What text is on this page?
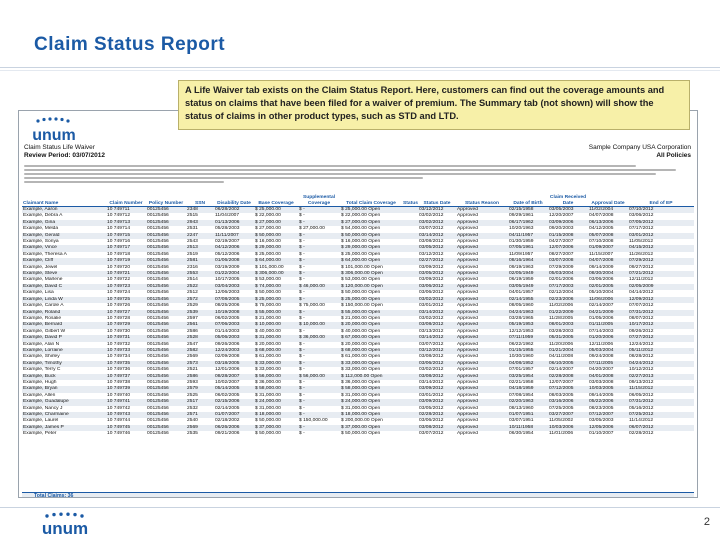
Claim Status Report
unum
Claim Status Life Waiver
Review Period: 03/07/2012
Sample Company USA Corporation
All Policies
Claimant Name	Claim Number	Policy Number	SSN	Disability Date	Base Coverage	Supplemental Coverage	Total Claim Coverage	Status	Status Date	Status Reason	Date of Birth	Claim Received Date	Approval Date	End of EP
Example, Aaron	10 749711	00125456	2348	06/28/2002	$ 25,000.00	$ -	$ 25,000.00 Open		03/12/2012	Approved	02/15/1958	03/05/2003	11/02/2004	07/10/2012
Example, Debra A	10 749712	00125456	2515	11/04/2007	$ 22,000.00	$ -	$ 22,000.00 Open		03/02/2012	Approved	09/29/1961	12/20/2007	04/07/2008	03/06/2012
Example, Gina	10 749713	00125456	2943	01/13/2006	$ 27,000.00	$ -	$ 27,000.00 Open		03/02/2012	Approved	06/17/1962	03/09/2006	06/13/2006	07/05/2012
Example, Melda	10 749714	00125456	2531	05/28/2003	$ 27,000.00	$ 27,000.00	$ 54,000.00 Open		03/07/2012	Approved	10/20/1963	09/20/2003	04/12/2005	07/17/2012
Example, Gerald	10 749715	00125456	2247	11/11/2007	$ 50,000.00	$ -	$ 50,000.00 Open		03/14/2012	Approved	04/11/1957	01/15/2008	05/07/2008	03/01/2012
Example, Sonya	10 749716	00125456	2543	02/19/2007	$ 16,000.00	$ -	$ 16,000.00 Open		03/08/2012	Approved	01/30/1959	04/27/2007	07/10/2008	11/05/2012
Example, Vince	10 749717	00125456	2513	04/12/2006	$ 29,000.00	$ -	$ 29,000.00 Open		03/05/2012	Approved	07/05/1961	12/07/2006	01/09/2007	04/15/2012
Example, Theresa A	10 749718	00125456	2519	05/12/2006	$ 25,000.00	$ -	$ 25,000.00 Open		03/12/2012	Approved	11/09/1957	08/27/2007	11/15/2007	11/26/2012
Example, Cliff	10 749719	00125456	2581	01/06/2008	$ 64,000.00	$ -	$ 64,000.00 Open		02/27/2012	Approved	08/16/1964	03/07/2008	04/07/2008	07/29/2012
Example, Jewel	10 749720	00125456	2316	03/19/2009	$ 101,000.00	$ -	$ 101,000.00 Open		03/09/2012	Approved	09/19/1963	07/29/2009	09/14/2009	09/27/2012
Example, Steve	10 749721	00125456	2553	01/22/2004	$ 306,000.00	$ -	$ 306,000.00 Open		03/05/2012	Approved	02/05/1949	05/03/2004	08/30/2004	07/21/2012
Example, Marlene	10 749722	00125456	2514	10/17/2005	$ 53,000.00	$ -	$ 53,000.00 Open		03/09/2012	Approved	06/19/1959	02/01/2006	03/06/2006	12/11/2012
Example, David C	10 749723	00125456	2522	03/04/2003	$ 74,000.00	$ 46,000.00	$ 120,000.00 Open		03/06/2012	Approved	03/05/1949	07/17/2003	02/01/2005	02/05/2009
Example, Lisa	10 749724	00125456	2512	12/06/2003	$ 50,000.00	$ -	$ 50,000.00 Open		03/06/2012	Approved	04/01/1957	02/12/2004	05/10/2004	04/14/2012
Example, Linda W	10 749725	00125456	2572	07/08/2005	$ 25,000.00	$ -	$ 25,000.00 Open		03/02/2012	Approved	02/14/1955	02/23/2006	11/06/2006	12/09/2012
Example, Carole A	10 749726	00125456	2529	08/25/2006	$ 75,000.00	$ 75,000.00	$ 150,000.00 Open		03/01/2012	Approved	08/05/1960	11/02/2006	02/14/2007	07/07/2012
Example, Roland	10 749727	00125456	2539	10/19/2008	$ 55,000.00	$ -	$ 55,000.00 Open		03/14/2012	Approved	04/24/1963	01/22/2009	04/21/2009	07/31/2012
Example, Rosalie	10 749728	00125456	2597	06/02/2005	$ 21,000.00	$ -	$ 21,000.00 Open		03/02/2012	Approved	03/28/1965	11/28/2005	01/05/2006	08/07/2012
Example, Bernard	10 749729	00125456	2561	07/06/2003	$ 10,000.00	$ 10,000.00	$ 20,000.00 Open		03/08/2012	Approved	05/19/1953	08/01/2003	01/11/2005	10/17/2012
Example, Gilbert W	10 749730	00125456	2586	01/14/2003	$ 40,000.00	$ -	$ 40,000.00 Open		03/13/2012	Approved	12/12/1953	03/28/2003	07/14/2003	09/26/2012
Example, David P	10 749731	00125456	2528	05/06/2003	$ 31,000.00	$ 36,000.00	$ 67,000.00 Open		03/14/2012	Approved	07/11/1959	05/31/2005	01/20/2006	07/27/2012
Example, Alan N	10 749732	00125456	2547	09/26/2006	$ 20,000.00	$ -	$ 20,000.00 Open		03/07/2012	Approved	06/22/1962	11/20/2006	12/11/2006	12/24/2012
Example, Lorraine	10 749733	00125456	2582	12/24/2003	$ 68,000.00	$ -	$ 68,000.00 Open		03/12/2012	Approved	01/15/1955	01/21/2004	05/03/2004	05/11/2012
Example, Shirley	10 749734	00125456	2569	02/09/2008	$ 61,000.00	$ -	$ 61,000.00 Open		03/08/2012	Approved	10/30/1960	04/11/2008	09/24/2008	08/28/2012
Example, Timothy	10 749735	00125456	2573	03/18/2005	$ 33,000.00	$ -	$ 33,000.00 Open		03/06/2012	Approved	04/08/1952	06/10/2005	07/11/2005	04/24/2012
Example, Terry C	10 749736	00125456	2521	12/01/2006	$ 33,000.00	$ -	$ 33,000.00 Open		03/02/2012	Approved	07/01/1957	02/14/2007	04/20/2007	10/12/2012
Example, Buck	10 749737	00125456	2586	08/28/2007	$ 56,000.00	$ 56,000.00	$ 112,000.00 Open		03/08/2012	Approved	03/25/1954	02/28/2008	04/01/2008	02/27/2013
Example, Hugh	10 749738	00125456	2593	10/02/2007	$ 36,000.00	$ -	$ 36,000.00 Open		03/14/2012	Approved	02/21/1958	12/07/2007	03/03/2008	09/13/2012
Example, Bryan	10 749739	00125456	2579	05/14/2005	$ 58,000.00	$ -	$ 58,000.00 Open		03/09/2012	Approved	04/18/1959	07/12/2005	10/03/2005	11/15/2012
Example, Allen	10 749740	00125456	2525	06/02/2005	$ 31,000.00	$ -	$ 31,000.00 Open		03/01/2012	Approved	07/08/1954	08/03/2005	09/14/2005	06/05/2012
Example, Guadalupe	10 749741	00125456	2517	02/15/2006	$ 24,000.00	$ -	$ 24,000.00 Open		03/09/2012	Approved	02/20/1963	03/16/2006	05/22/2006	07/31/2012
Example, Nancy J	10 749742	00125456	2532	02/14/2005	$ 31,000.00	$ -	$ 31,000.00 Open		03/05/2012	Approved	08/13/1960	07/25/2005	08/23/2005	05/16/2012
Example, Charmaine	10 749743	00125456	2571	01/07/2007	$ 18,000.00	$ -	$ 18,000.00 Open		02/28/2012	Approved	01/07/1951	03/27/2007	07/12/2007	07/25/2012
Example, Laurel	10 749744	00125456	2540	02/18/2002	$ 50,000.00	$ 150,000.00	$ 200,000.00 Open		03/06/2012	Approved	03/07/1951	11/05/2002	03/05/2003	11/14/2012
Example, James P	10 749745	00125456	2569	06/26/2006	$ 37,000.00	$ -	$ 37,000.00 Open		03/08/2012	Approved	10/11/1958	10/03/2006	12/05/2006	06/07/2012
Example, Peter	10 749746	00125456	2535	09/21/2006	$ 50,000.00	$ -	$ 50,000.00 Open		03/07/2012	Approved	06/30/1954	11/01/2006	01/10/2007	02/28/2012
Total Claims: 36
A Life Waiver tab exists on the Claim Status Report. Here, customers can find out the coverage amounts and status on claims that have been filed for a waiver of premium. The Summary tab (not shown) will show the status of claims in other product types, such as STD and LTD.
unum	2
